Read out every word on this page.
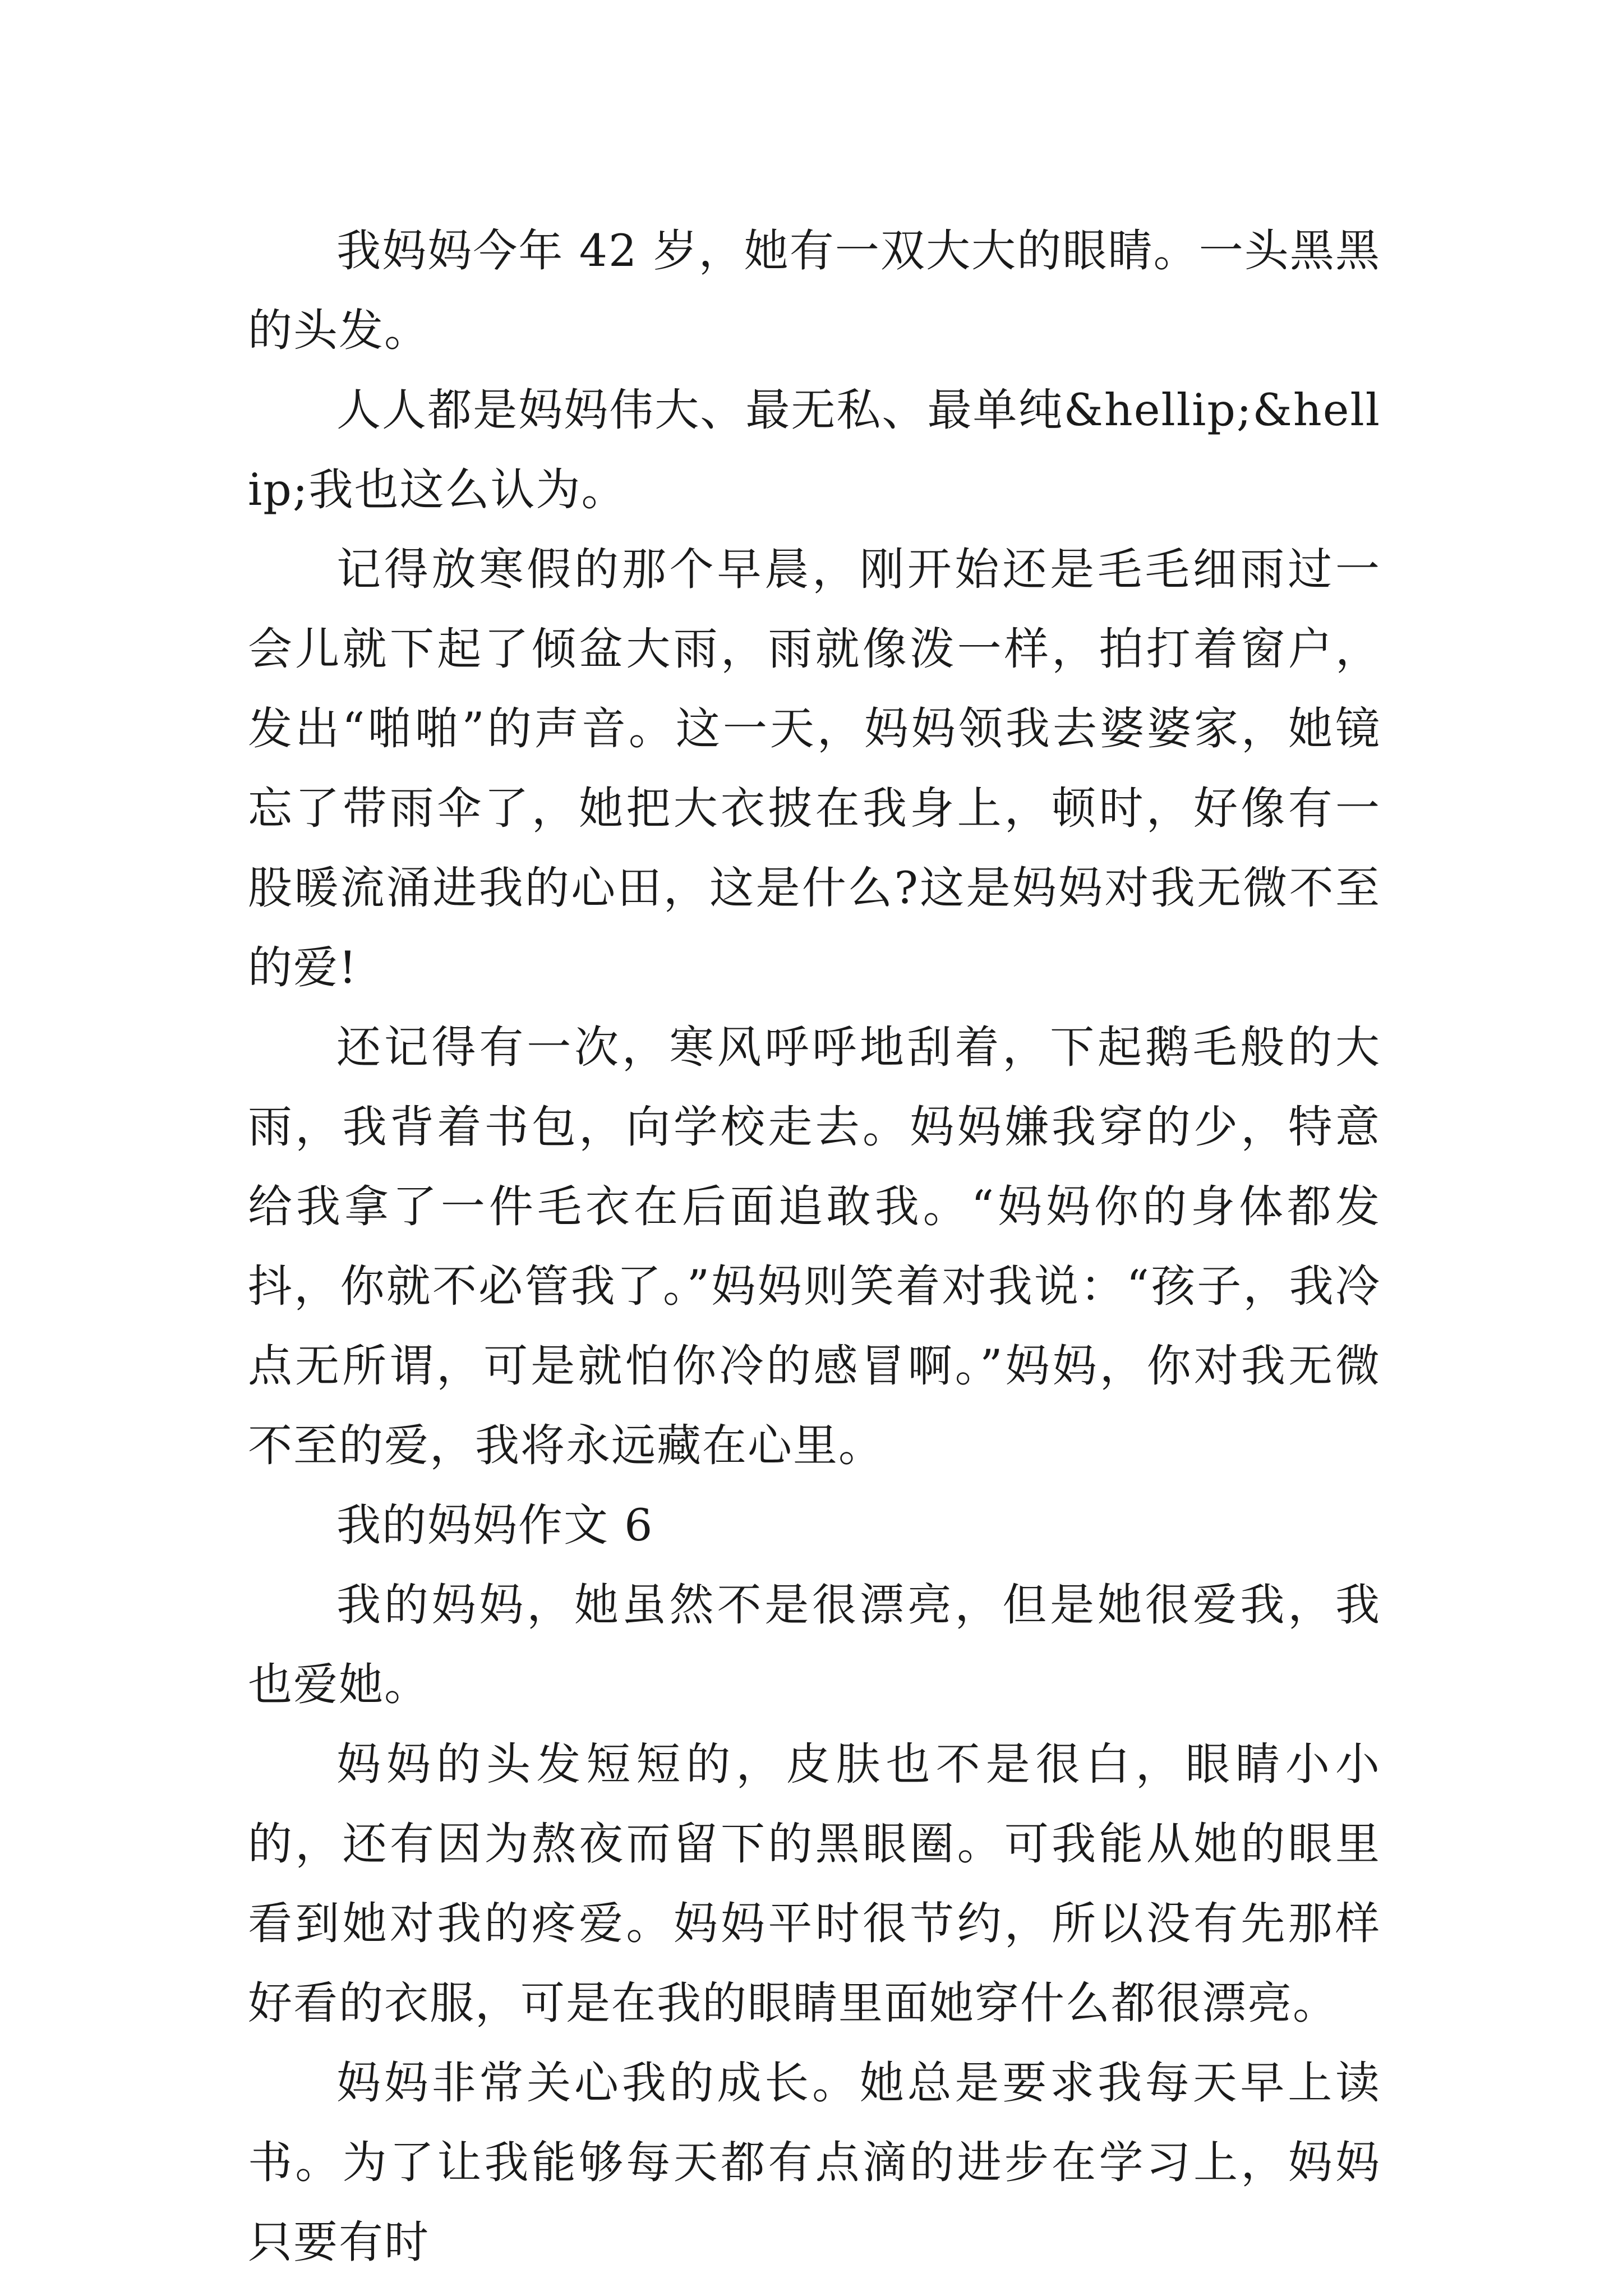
我妈妈今年 42 岁，她有一双大大的眼睛。一头黑黑的头发。

人人都是妈妈伟大、最无私、最单纯&hellip;&hellip;我也这么认为。

记得放寒假的那个早晨，刚开始还是毛毛细雨过一会儿就下起了倾盆大雨，雨就像泼一样，拍打着窗户，发出“啪啪”的声音。这一天，妈妈领我去婆婆家，她镜忘了带雨伞了，她把大衣披在我身上，顿时，好像有一股暖流涌进我的心田，这是什么?这是妈妈对我无微不至的爱!

还记得有一次，寒风呼呼地刮着，下起鹅毛般的大雨，我背着书包，向学校走去。妈妈嫌我穿的少，特意给我拿了一件毛衣在后面追敢我。“妈妈你的身体都发抖，你就不必管我了。”妈妈则笑着对我说：“孩子，我冷点无所谓，可是就怕你冷的感冒啊。”妈妈，你对我无微不至的爱，我将永远藏在心里。

我的妈妈作文 6

我的妈妈，她虽然不是很漂亮，但是她很爱我，我也爱她。

妈妈的头发短短的，皮肤也不是很白，眼睛小小的，还有因为熬夜而留下的黑眼圈。可我能从她的眼里看到她对我的疼爱。妈妈平时很节约，所以没有先那样好看的衣服，可是在我的眼睛里面她穿什么都很漂亮。

妈妈非常关心我的成长。她总是要求我每天早上读书。为了让我能够每天都有点滴的进步在学习上，妈妈只要有时
